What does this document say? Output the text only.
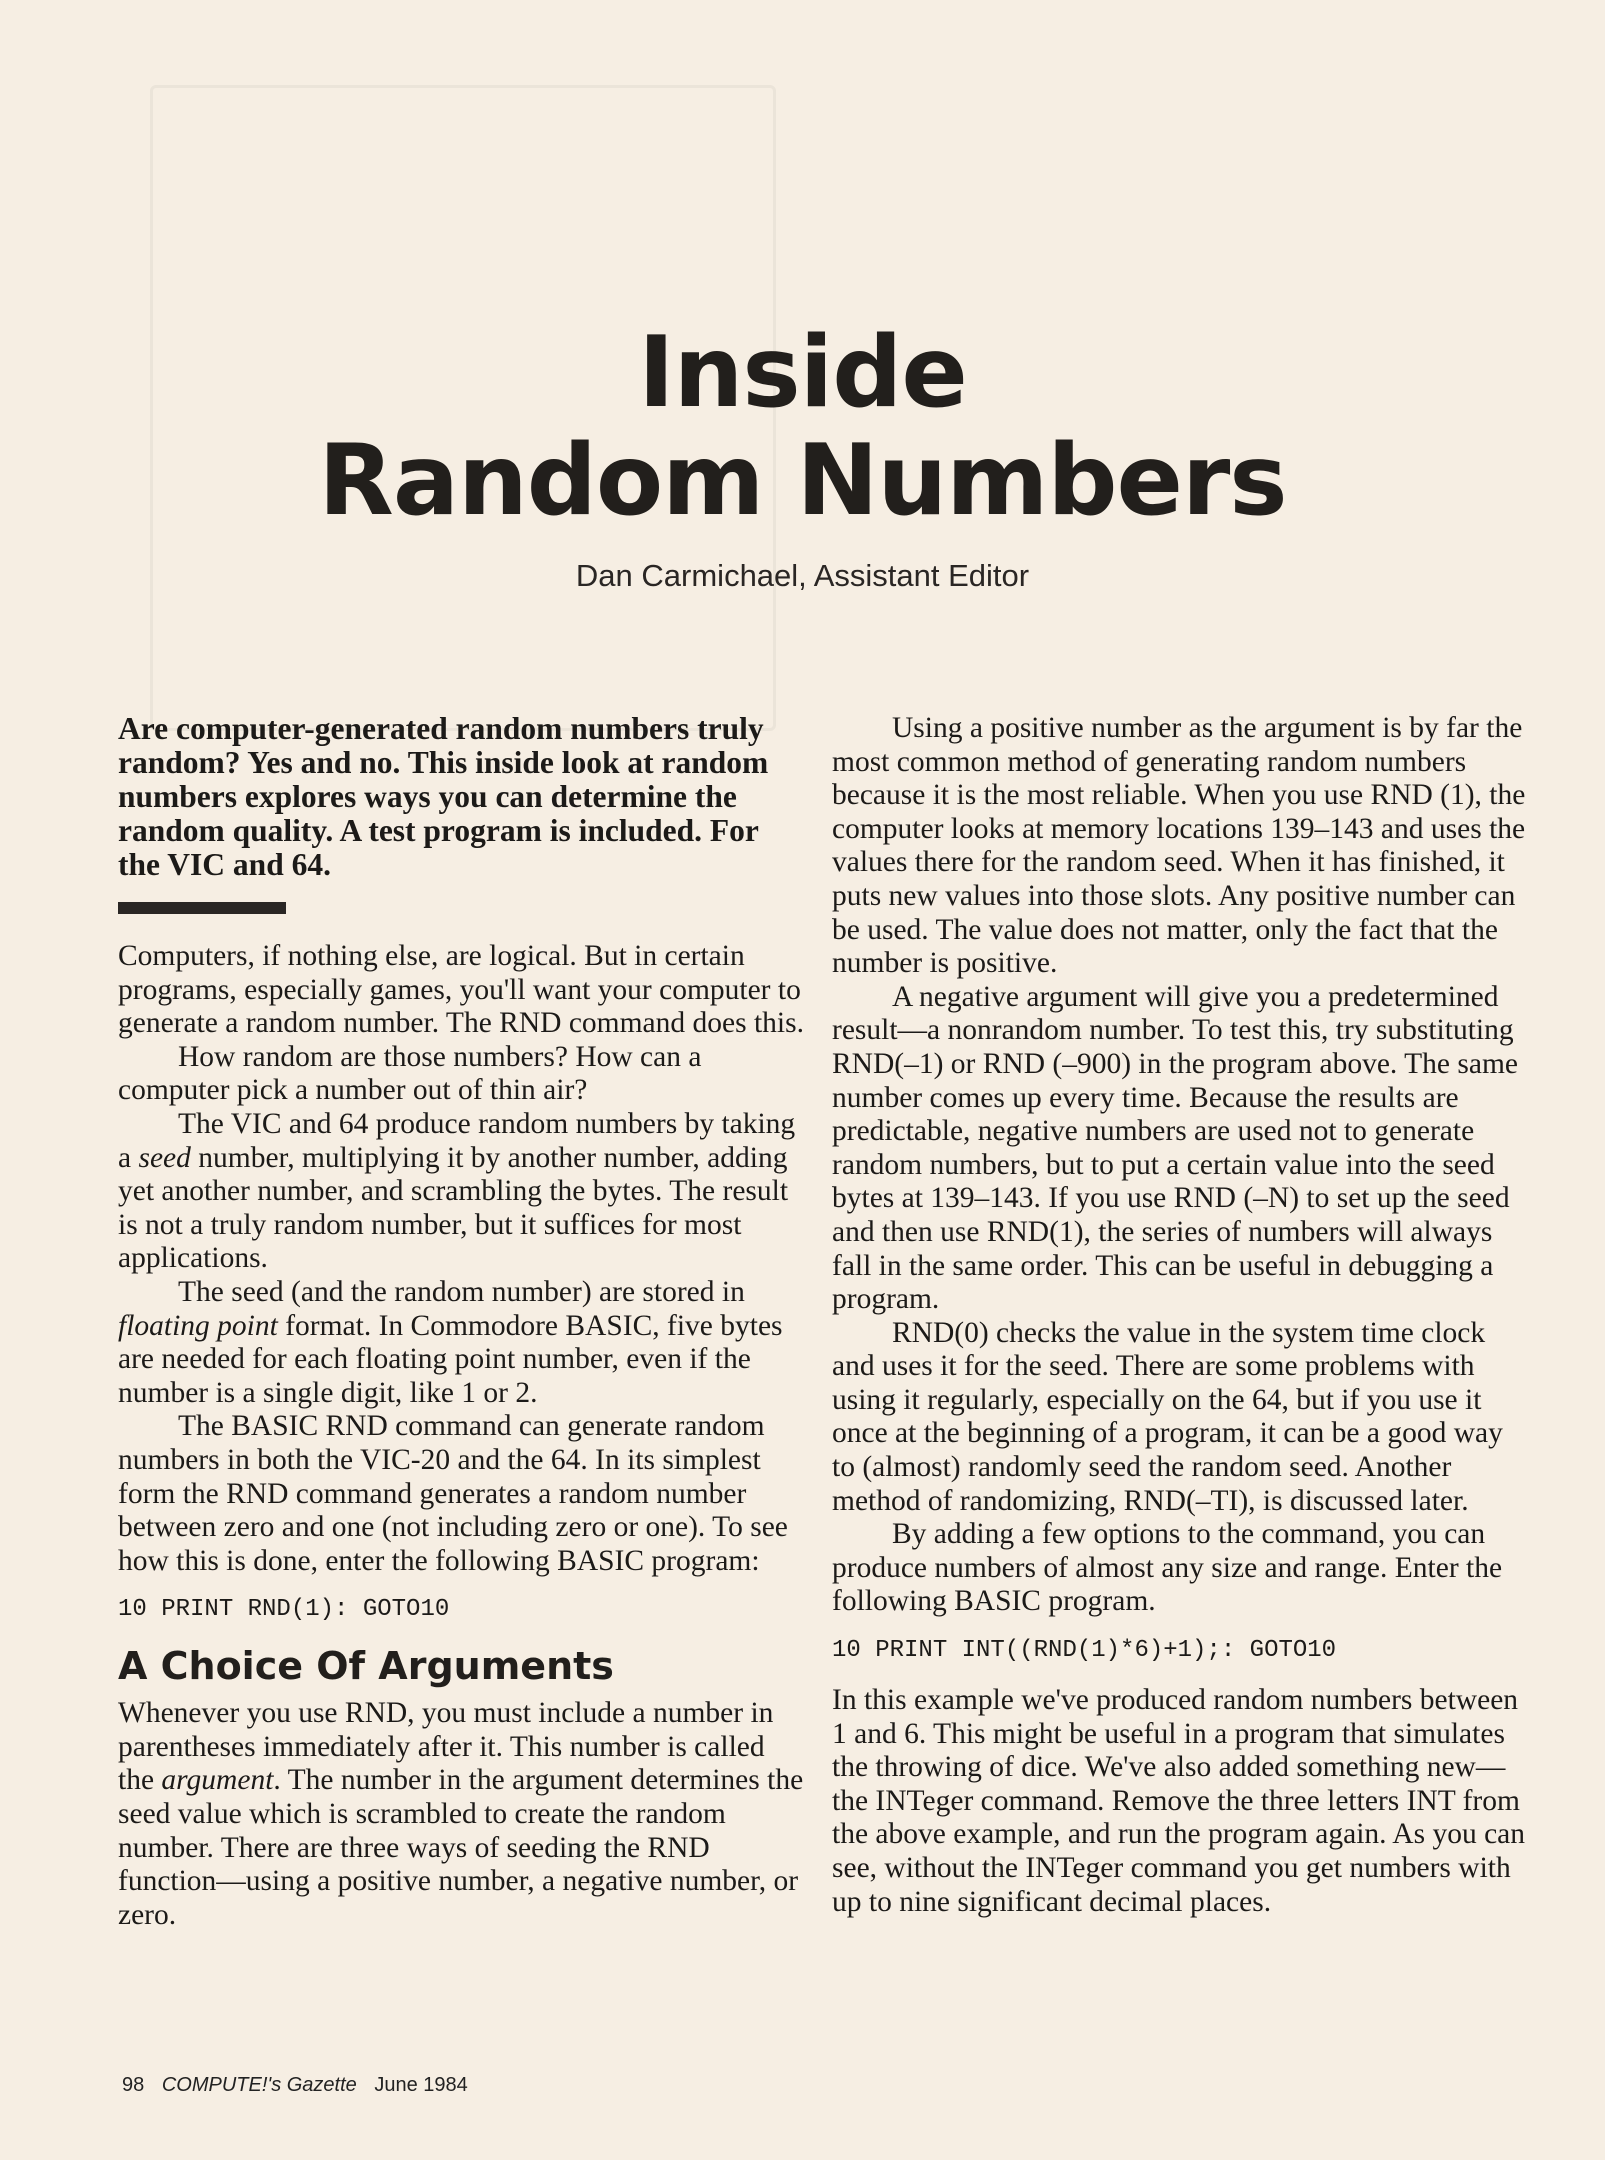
Inside
Random Numbers
Dan Carmichael, Assistant Editor

Are computer-generated random numbers truly random? Yes and no. This inside look at random numbers explores ways you can determine the random quality. A test program is included. For the VIC and 64.

Computers, if nothing else, are logical. But in certain programs, especially games, you'll want your computer to generate a random number. The RND command does this.

How random are those numbers? How can a computer pick a number out of thin air?

The VIC and 64 produce random numbers by taking a seed number, multiplying it by another number, adding yet another number, and scrambling the bytes. The result is not a truly random number, but it suffices for most applications.

The seed (and the random number) are stored in floating point format. In Commodore BASIC, five bytes are needed for each floating point number, even if the number is a single digit, like 1 or 2.

The BASIC RND command can generate random numbers in both the VIC-20 and the 64. In its simplest form the RND command generates a random number between zero and one (not including zero or one). To see how this is done, enter the following BASIC program:

10 PRINT RND(1): GOTO10
A Choice Of Arguments

Whenever you use RND, you must include a number in parentheses immediately after it. This number is called the argument. The number in the argument determines the seed value which is scrambled to create the random number. There are three ways of seeding the RND function—using a positive number, a negative number, or zero.

Using a positive number as the argument is by far the most common method of generating random numbers because it is the most reliable. When you use RND (1), the computer looks at memory locations 139–143 and uses the values there for the random seed. When it has finished, it puts new values into those slots. Any positive number can be used. The value does not matter, only the fact that the number is positive.

A negative argument will give you a predetermined result—a nonrandom number. To test this, try substituting RND(–1) or RND (–900) in the program above. The same number comes up every time. Because the results are predictable, negative numbers are used not to generate random numbers, but to put a certain value into the seed bytes at 139–143. If you use RND (–N) to set up the seed and then use RND(1), the series of numbers will always fall in the same order. This can be useful in debugging a program.

RND(0) checks the value in the system time clock and uses it for the seed. There are some problems with using it regularly, especially on the 64, but if you use it once at the beginning of a program, it can be a good way to (almost) randomly seed the random seed. Another method of randomizing, RND(–TI), is discussed later.

By adding a few options to the command, you can produce numbers of almost any size and range. Enter the following BASIC program.

10 PRINT INT((RND(1)*6)+1);: GOTO10

In this example we've produced random numbers between 1 and 6. This might be useful in a program that simulates the throwing of dice. We've also added something new—the INTeger command. Remove the three letters INT from the above example, and run the program again. As you can see, without the INTeger command you get numbers with up to nine significant decimal places.

98 COMPUTE!'s Gazette June 1984
